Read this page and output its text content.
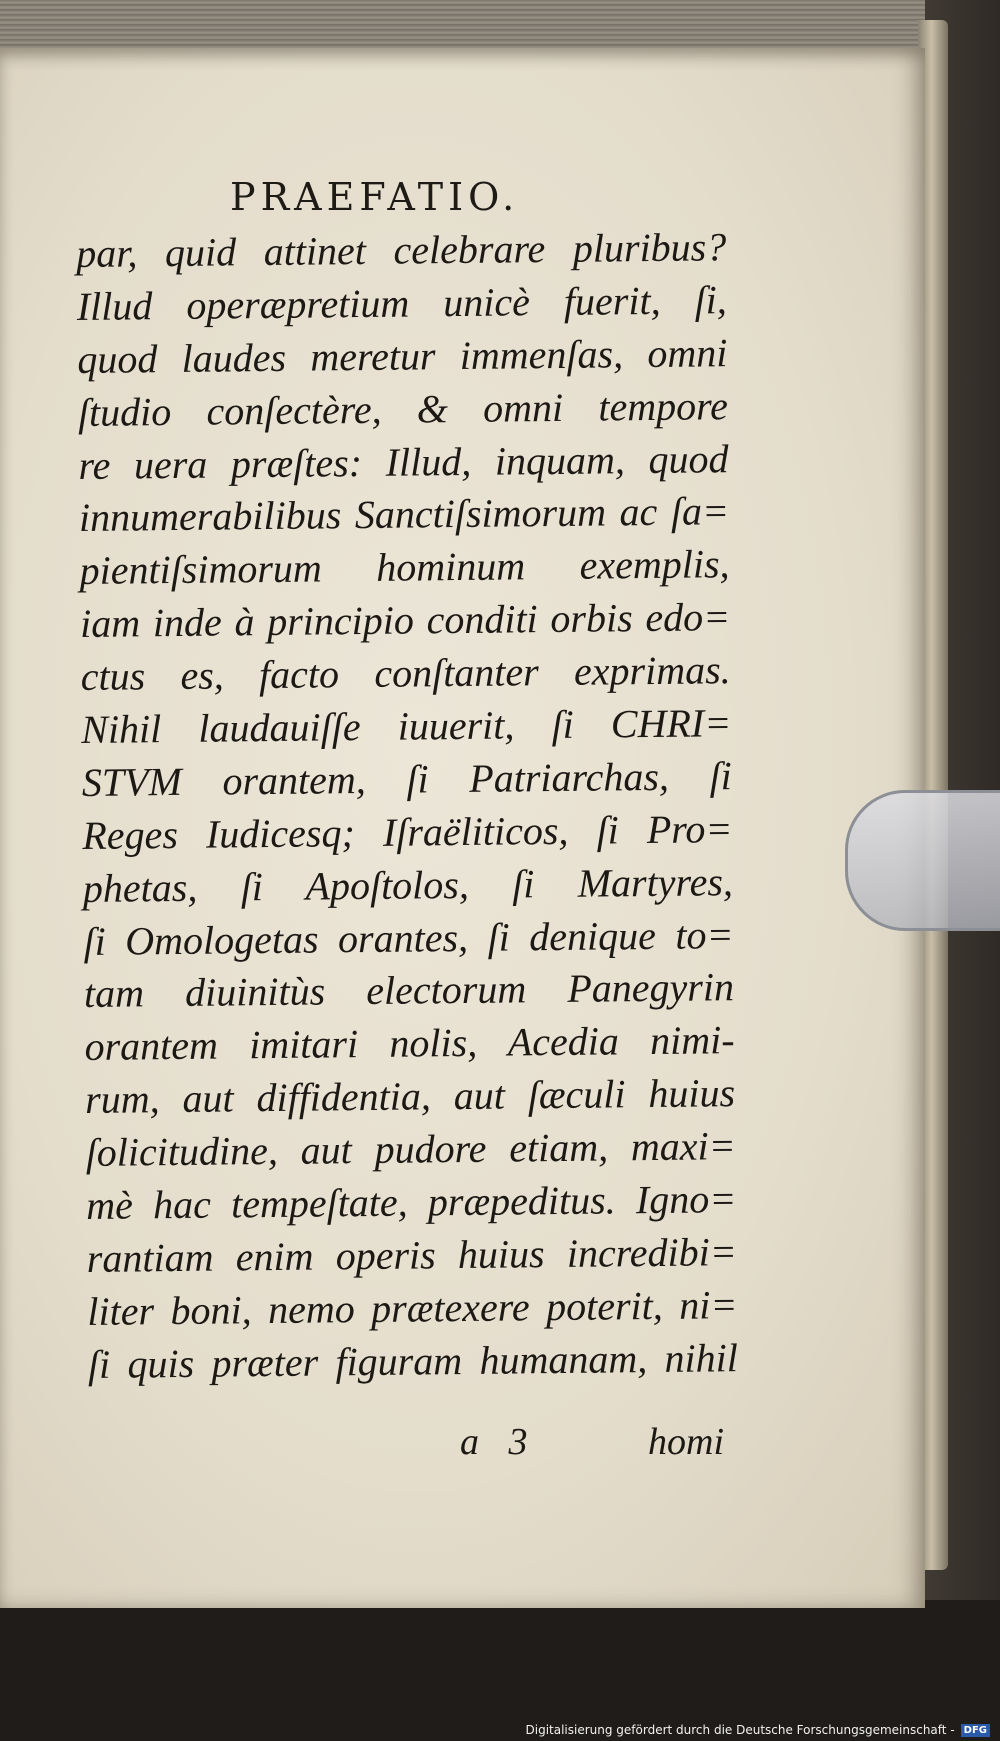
PRAEFATIO.
par, quid attinet celebrare pluribus?
Illud operæpretium unicè fuerit, ſi,
quod laudes meretur immenſas, omni
ſtudio conſectère, & omni tempore
re uera præſtes: Illud, inquam, quod
innumerabilibus Sanctiſsimorum ac ſa=
pientiſsimorum hominum exemplis,
iam inde à principio conditi orbis edo=
ctus es, facto conſtanter exprimas.
Nihil laudauiſſe iuuerit, ſi CHRI=
STVM orantem, ſi Patriarchas, ſi
Reges Iudicesq; Iſraëliticos, ſi Pro=
phetas, ſi Apoſtolos, ſi Martyres,
ſi Omologetas orantes, ſi denique to=
tam diuinitùs electorum Panegyrin
orantem imitari nolis, Acedia nimi-
rum, aut diffidentia, aut ſæculi huius
ſolicitudine, aut pudore etiam, maxi=
mè hac tempeſtate, præpeditus. Igno=
rantiam enim operis huius incredibi=
liter boni, nemo prætexere poterit, ni=
ſi quis præter figuram humanam, nihil
a 3	homi
Digitalisierung gefördert durch die Deutsche Forschungsgemeinschaft - DFG
